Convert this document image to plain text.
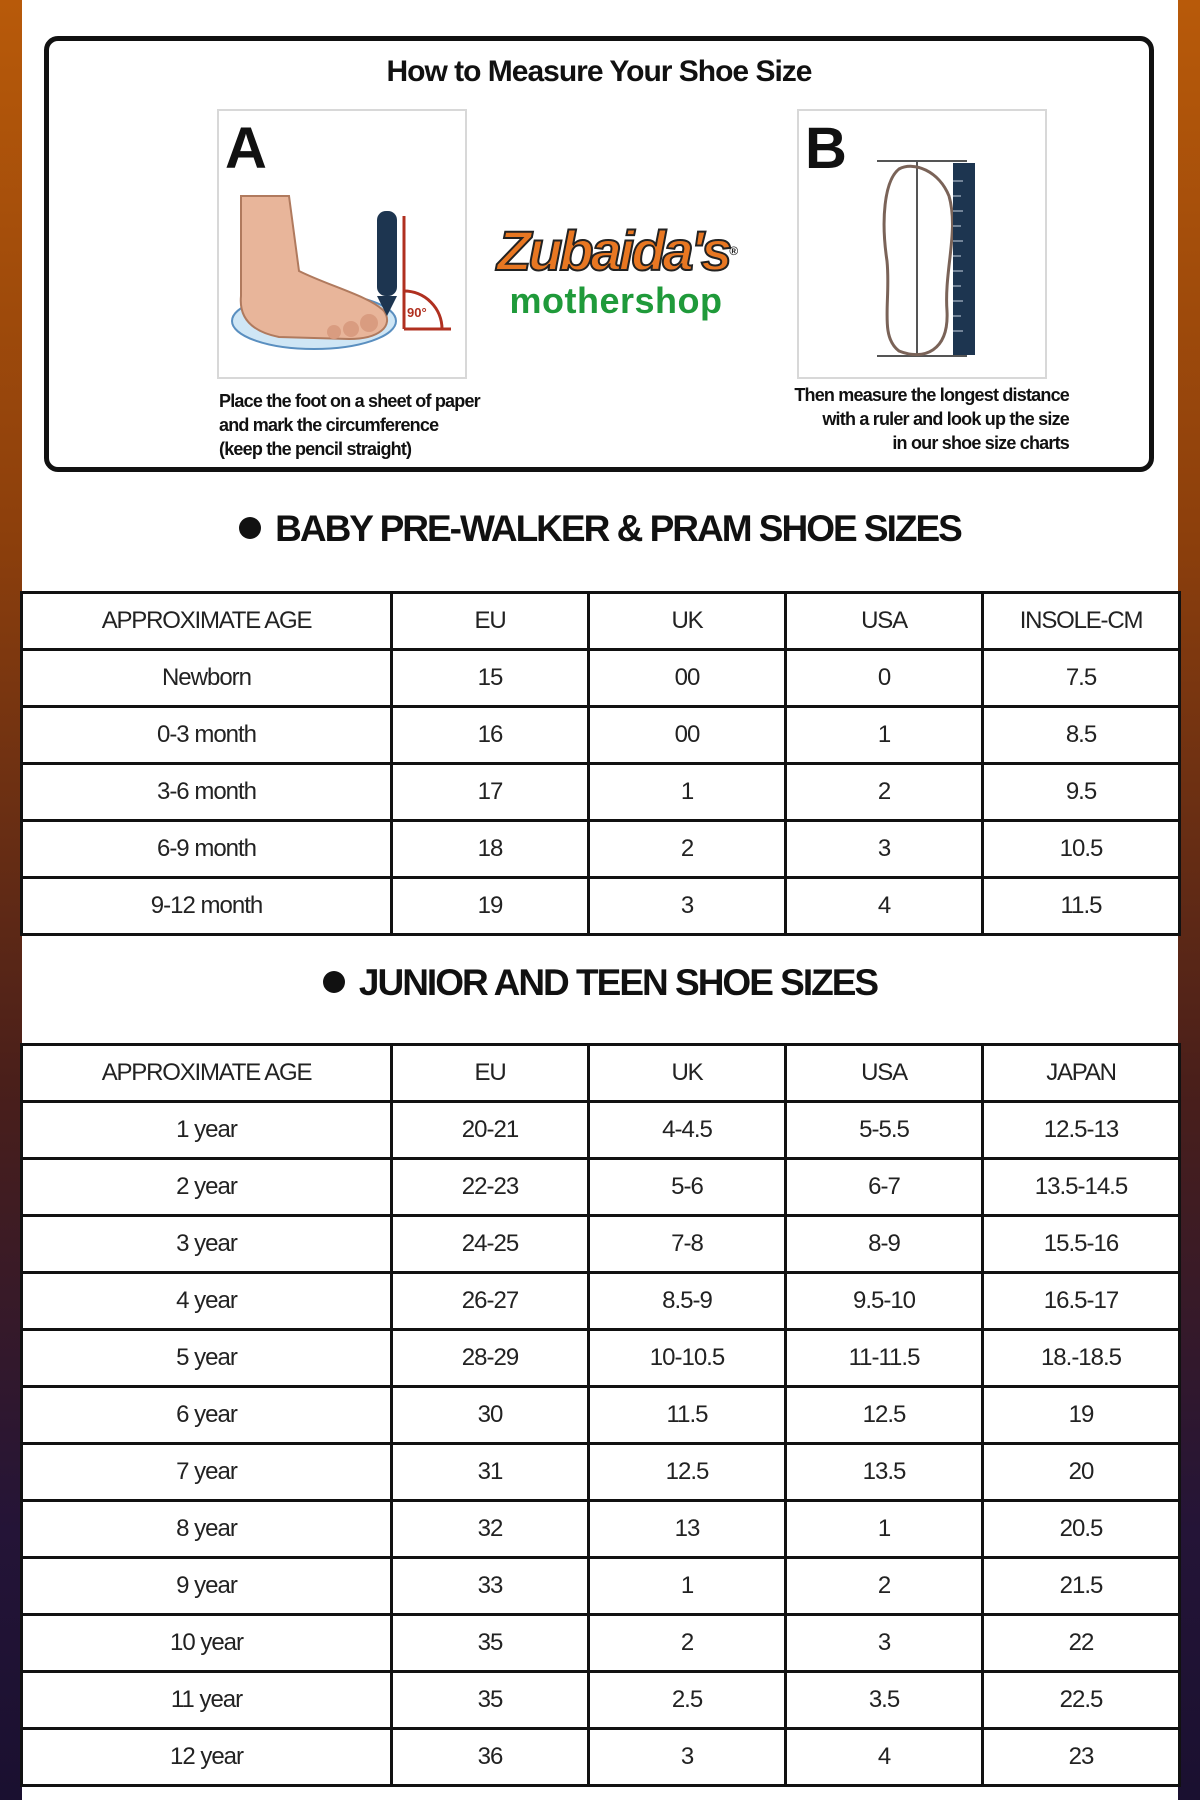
How to Measure Your Shoe Size
90°
A
Zubaida's®
mothershop
B
Place the foot on a sheet of paper
and mark the circumference
(keep the pencil straight)
Then measure the longest distance
with a ruler and look up the size
in our shoe size charts
BABY PRE-WALKER & PRAM SHOE SIZES
APPROXIMATE AGE	EU	UK	USA	INSOLE-CM
Newborn	15	00	0	7.5
0-3 month	16	00	1	8.5
3-6 month	17	1	2	9.5
6-9 month	18	2	3	10.5
9-12 month	19	3	4	11.5
JUNIOR AND TEEN SHOE SIZES
APPROXIMATE AGE	EU	UK	USA	JAPAN
1 year	20-21	4-4.5	5-5.5	12.5-13
2 year	22-23	5-6	6-7	13.5-14.5
3 year	24-25	7-8	8-9	15.5-16
4 year	26-27	8.5-9	9.5-10	16.5-17
5 year	28-29	10-10.5	11-11.5	18.-18.5
6 year	30	11.5	12.5	19
7 year	31	12.5	13.5	20
8 year	32	13	1	20.5
9 year	33	1	2	21.5
10 year	35	2	3	22
11 year	35	2.5	3.5	22.5
12 year	36	3	4	23
